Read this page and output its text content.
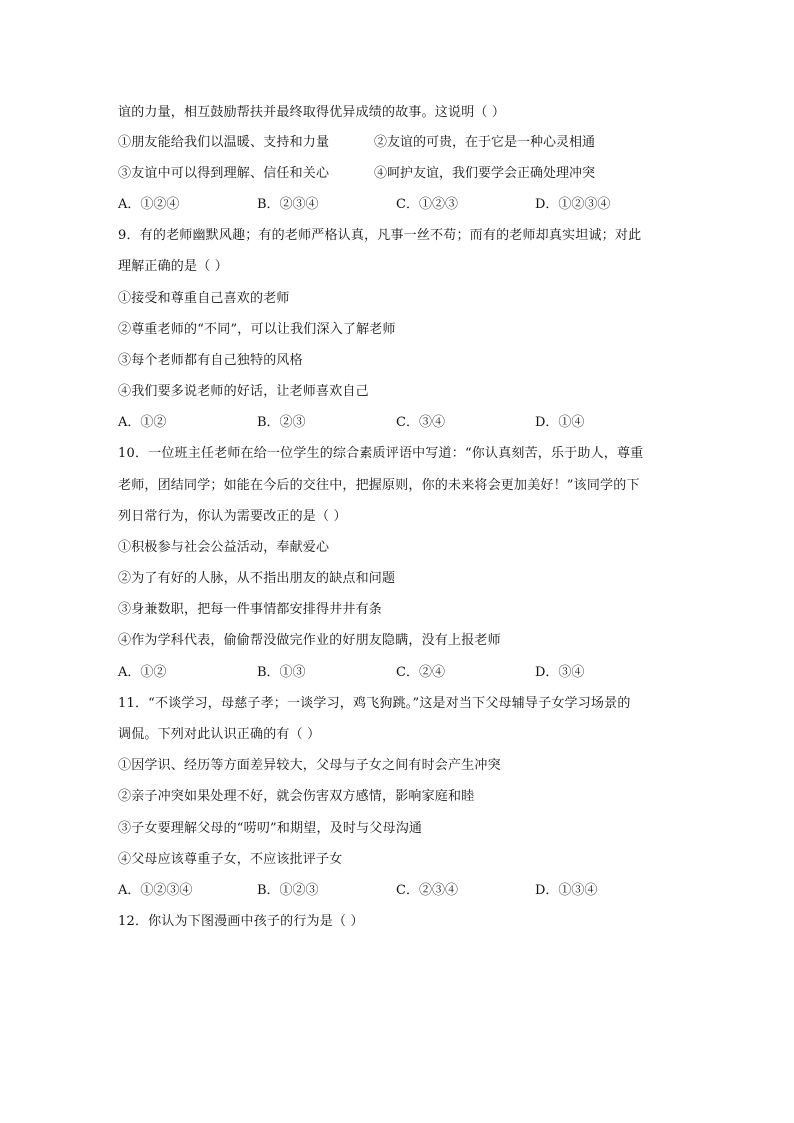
谊的力量，相互鼓励帮扶并最终取得优异成绩的故事。这说明（ ）
①朋友能给我们以温暖、支持和力量	②友谊的可贵，在于它是一种心灵相通
③友谊中可以得到理解、信任和关心	④呵护友谊，我们要学会正确处理冲突
A．①②④	B．②③④	C．①②③	D．①②③④
9．有的老师幽默风趣；有的老师严格认真，凡事一丝不苟；而有的老师却真实坦诚；对此
理解正确的是（ ）
①接受和尊重自己喜欢的老师
②尊重老师的“不同”，可以让我们深入了解老师
③每个老师都有自己独特的风格
④我们要多说老师的好话，让老师喜欢自己
A．①②	B．②③	C．③④	D．①④
10．一位班主任老师在给一位学生的综合素质评语中写道：“你认真刻苦，乐于助人，尊重
老师，团结同学；如能在今后的交往中，把握原则，你的未来将会更加美好！”该同学的下
列日常行为，你认为需要改正的是（ ）
①积极参与社会公益活动，奉献爱心
②为了有好的人脉，从不指出朋友的缺点和问题
③身兼数职，把每一件事情都安排得井井有条
④作为学科代表，偷偷帮没做完作业的好朋友隐瞒，没有上报老师
A．①②	B．①③	C．②④	D．③④
11．“不谈学习，母慈子孝；一谈学习，鸡飞狗跳。”这是对当下父母辅导子女学习场景的
调侃。下列对此认识正确的有（ ）
①因学识、经历等方面差异较大，父母与子女之间有时会产生冲突
②亲子冲突如果处理不好，就会伤害双方感情，影响家庭和睦
③子女要理解父母的“唠叨”和期望，及时与父母沟通
④父母应该尊重子女，不应该批评子女
A．①②③④	B．①②③	C．②③④	D．①③④
12．你认为下图漫画中孩子的行为是（ ）
